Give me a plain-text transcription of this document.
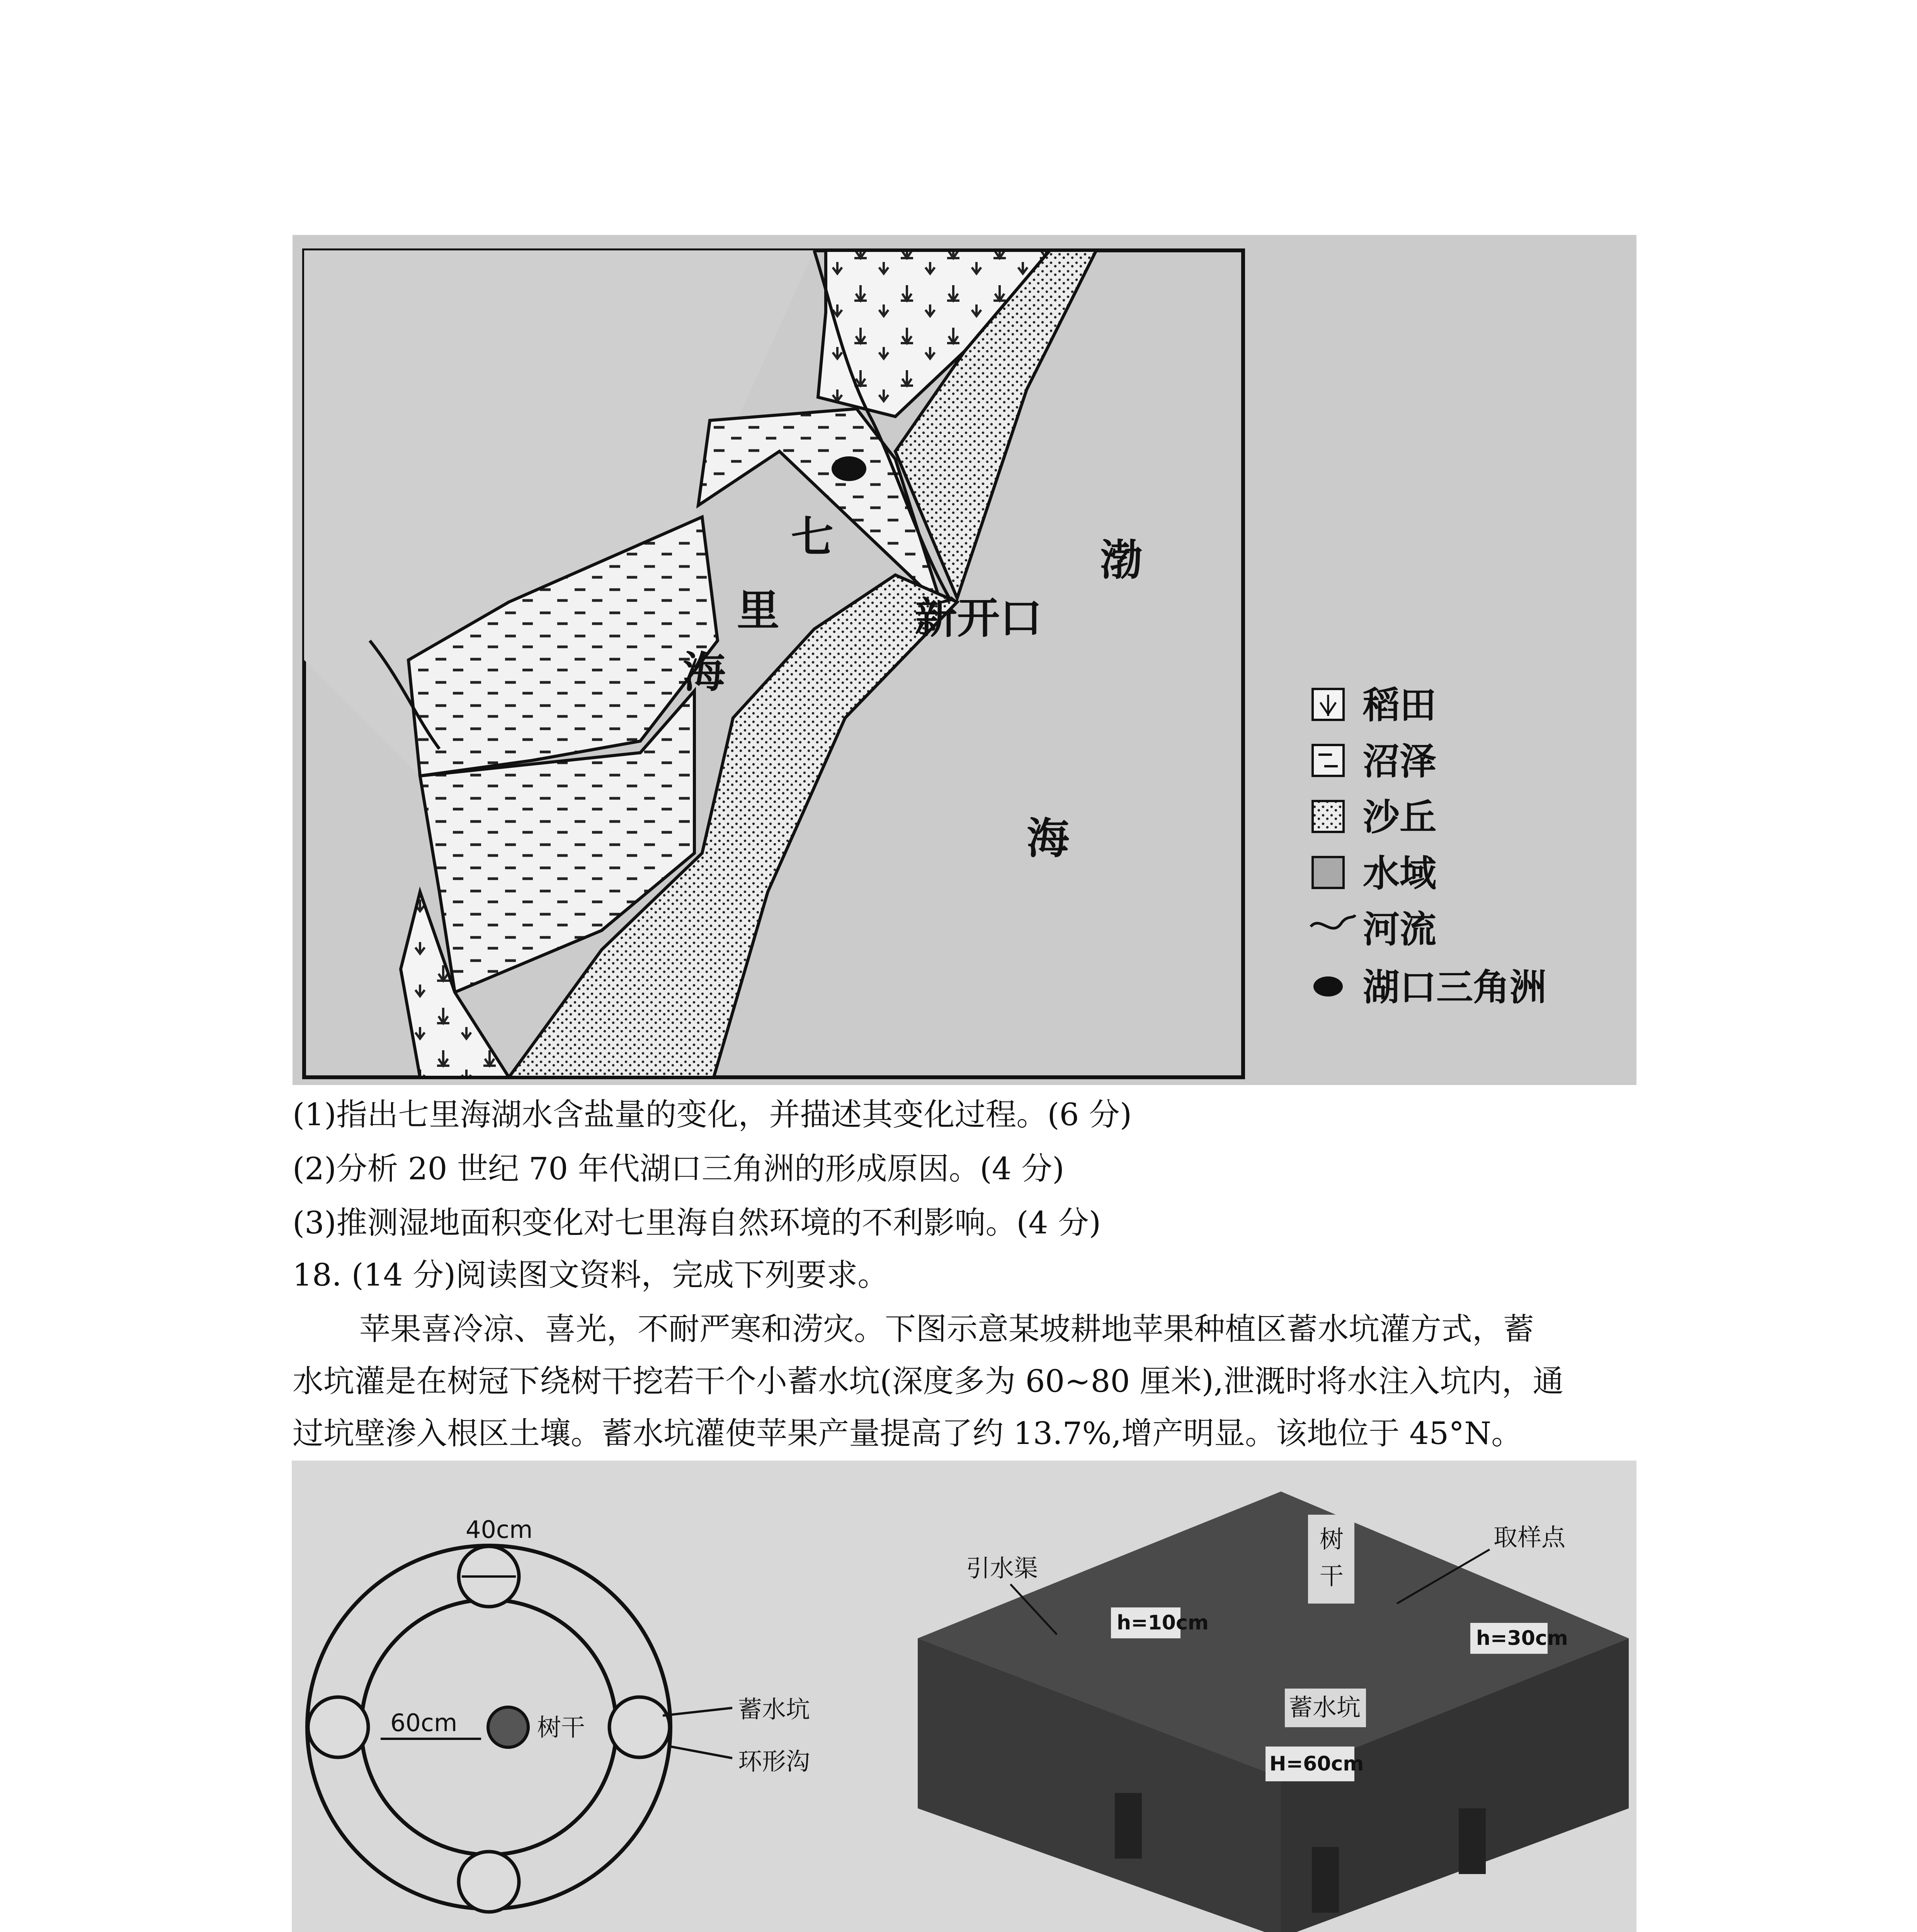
七
里
海
渤
海
新开口
稻田
沼泽
沙丘
水域
河流
湖口三角洲
(1)指出七里海湖水含盐量的变化，并描述其变化过程。(6 分)
(2)分析 20 世纪 70 年代湖口三角洲的形成原因。(4 分)
(3)推测湿地面积变化对七里海自然环境的不利影响。(4 分)
18. (14 分)阅读图文资料，完成下列要求。
苹果喜冷凉、喜光，不耐严寒和涝灾。下图示意某坡耕地苹果种植区蓄水坑灌方式，蓄
水坑灌是在树冠下绕树干挖若干个小蓄水坑(深度多为 60~80 厘米),泄溉时将水注入坑内，通
过坑壁渗入根区土壤。蓄水坑灌使苹果产量提高了约 13.7%,增产明显。该地位于 45°N。
40cm
60cm	树干
蓄水坑
环形沟
树
干
引水渠
取样点
h=10cm
h=30cm
蓄水坑
H=60cm
